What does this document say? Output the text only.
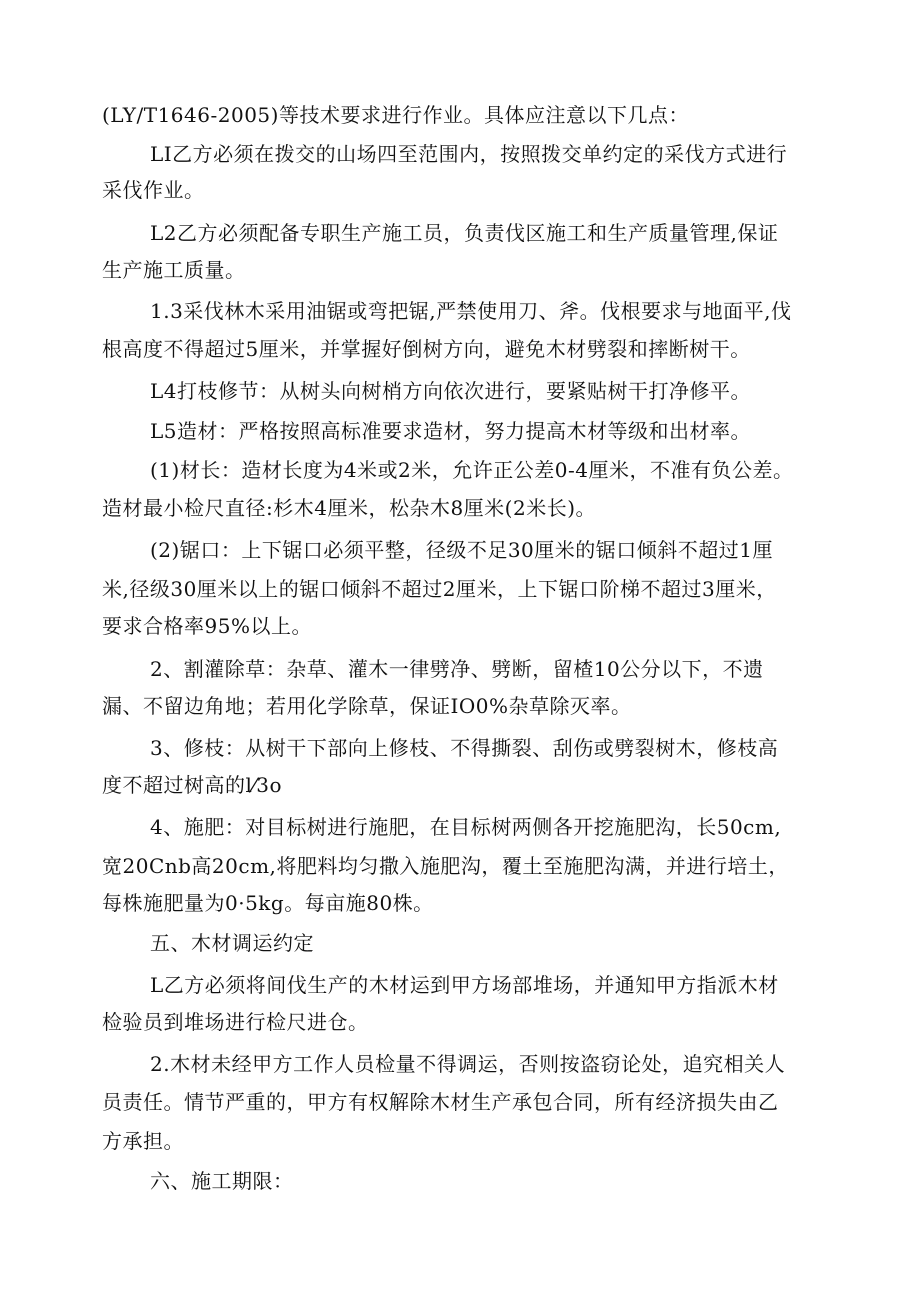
(LY/T1646-2005)等技术要求进行作业。具体应注意以下几点：
LI乙方必须在拨交的山场四至范围内，按照拨交单约定的采伐方式进行
采伐作业。
L2乙方必须配备专职生产施工员，负责伐区施工和生产质量管理,保证
生产施工质量。
1.3采伐林木采用油锯或弯把锯,严禁使用刀、斧。伐根要求与地面平,伐
根高度不得超过5厘米，并掌握好倒树方向，避免木材劈裂和摔断树干。
L4打枝修节：从树头向树梢方向依次进行，要紧贴树干打净修平。
L5造材：严格按照高标准要求造材，努力提高木材等级和出材率。
(1)材长：造材长度为4米或2米，允许正公差0-4厘米，不准有负公差。
造材最小检尺直径:杉木4厘米，松杂木8厘米(2米长)。
(2)锯口：上下锯口必须平整，径级不足30厘米的锯口倾斜不超过1厘
米,径级30厘米以上的锯口倾斜不超过2厘米，上下锯口阶梯不超过3厘米，
要求合格率95%以上。
2、割灌除草：杂草、灌木一律劈净、劈断，留楂10公分以下，不遗
漏、不留边角地；若用化学除草，保证IO0%杂草除灭率。
3、修枝：从树干下部向上修枝、不得撕裂、刮伤或劈裂树木，修枝高
度不超过树高的l⁄3o
4、施肥：对目标树进行施肥，在目标树两侧各开挖施肥沟，长50cm,
宽20Cnb高20cm,将肥料均匀撒入施肥沟，覆土至施肥沟满，并进行培土，
每株施肥量为0·5kg。每亩施80株。
五、木材调运约定
L乙方必须将间伐生产的木材运到甲方场部堆场，并通知甲方指派木材
检验员到堆场进行检尺进仓。
2.木材未经甲方工作人员检量不得调运，否则按盗窃论处，追究相关人
员责任。情节严重的，甲方有权解除木材生产承包合同，所有经济损失由乙
方承担。
六、施工期限：
